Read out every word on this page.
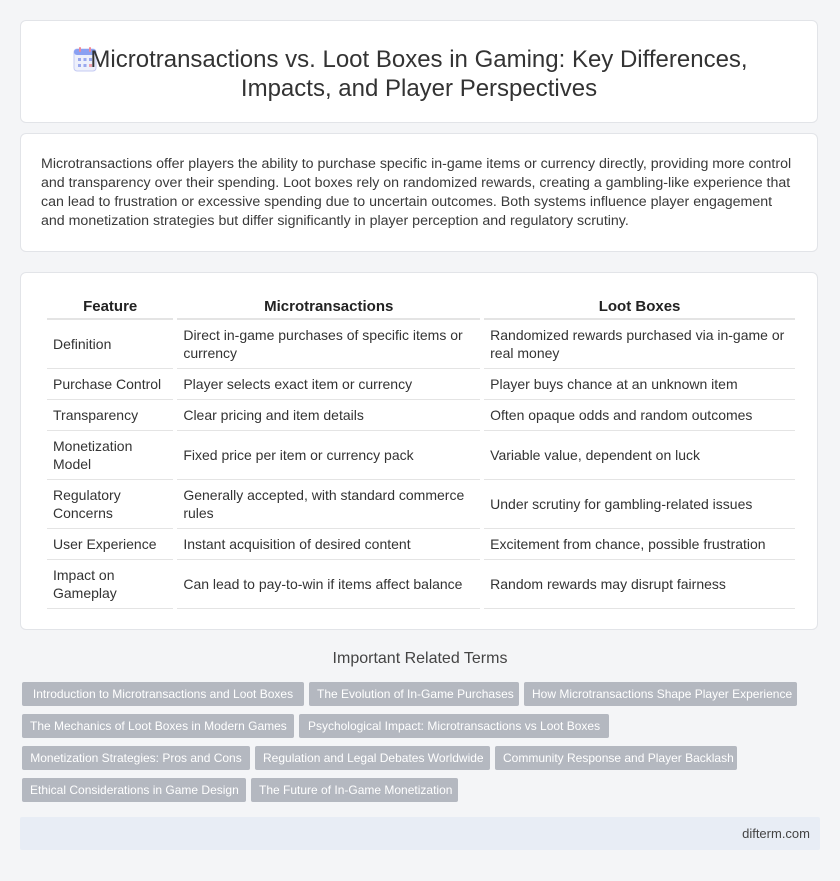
Microtransactions vs. Loot Boxes in Gaming: Key Differences,
Impacts, and Player Perspectives

Microtransactions offer players the ability to purchase specific in-game items or currency directly, providing more control and transparency over their spending. Loot boxes rely on randomized rewards, creating a gambling-like experience that can lead to frustration or excessive spending due to uncertain outcomes. Both systems influence player engagement and monetization strategies but differ significantly in player perception and regulatory scrutiny.

Feature	Microtransactions	Loot Boxes
Definition	Direct in-game purchases of specific items or currency	Randomized rewards purchased via in-game or real money
Purchase Control	Player selects exact item or currency	Player buys chance at an unknown item
Transparency	Clear pricing and item details	Often opaque odds and random outcomes
Monetization Model	Fixed price per item or currency pack	Variable value, dependent on luck
Regulatory Concerns	Generally accepted, with standard commerce rules	Under scrutiny for gambling-related issues
User Experience	Instant acquisition of desired content	Excitement from chance, possible frustration
Impact on Gameplay	Can lead to pay-to-win if items affect balance	Random rewards may disrupt fairness
Important Related Terms
Introduction to Microtransactions and Loot Boxes	The Evolution of In-Game Purchases	How Microtransactions Shape Player Experience
The Mechanics of Loot Boxes in Modern Games	Psychological Impact: Microtransactions vs Loot Boxes
Monetization Strategies: Pros and Cons	Regulation and Legal Debates Worldwide	Community Response and Player Backlash
Ethical Considerations in Game Design	The Future of In-Game Monetization
difterm.com
